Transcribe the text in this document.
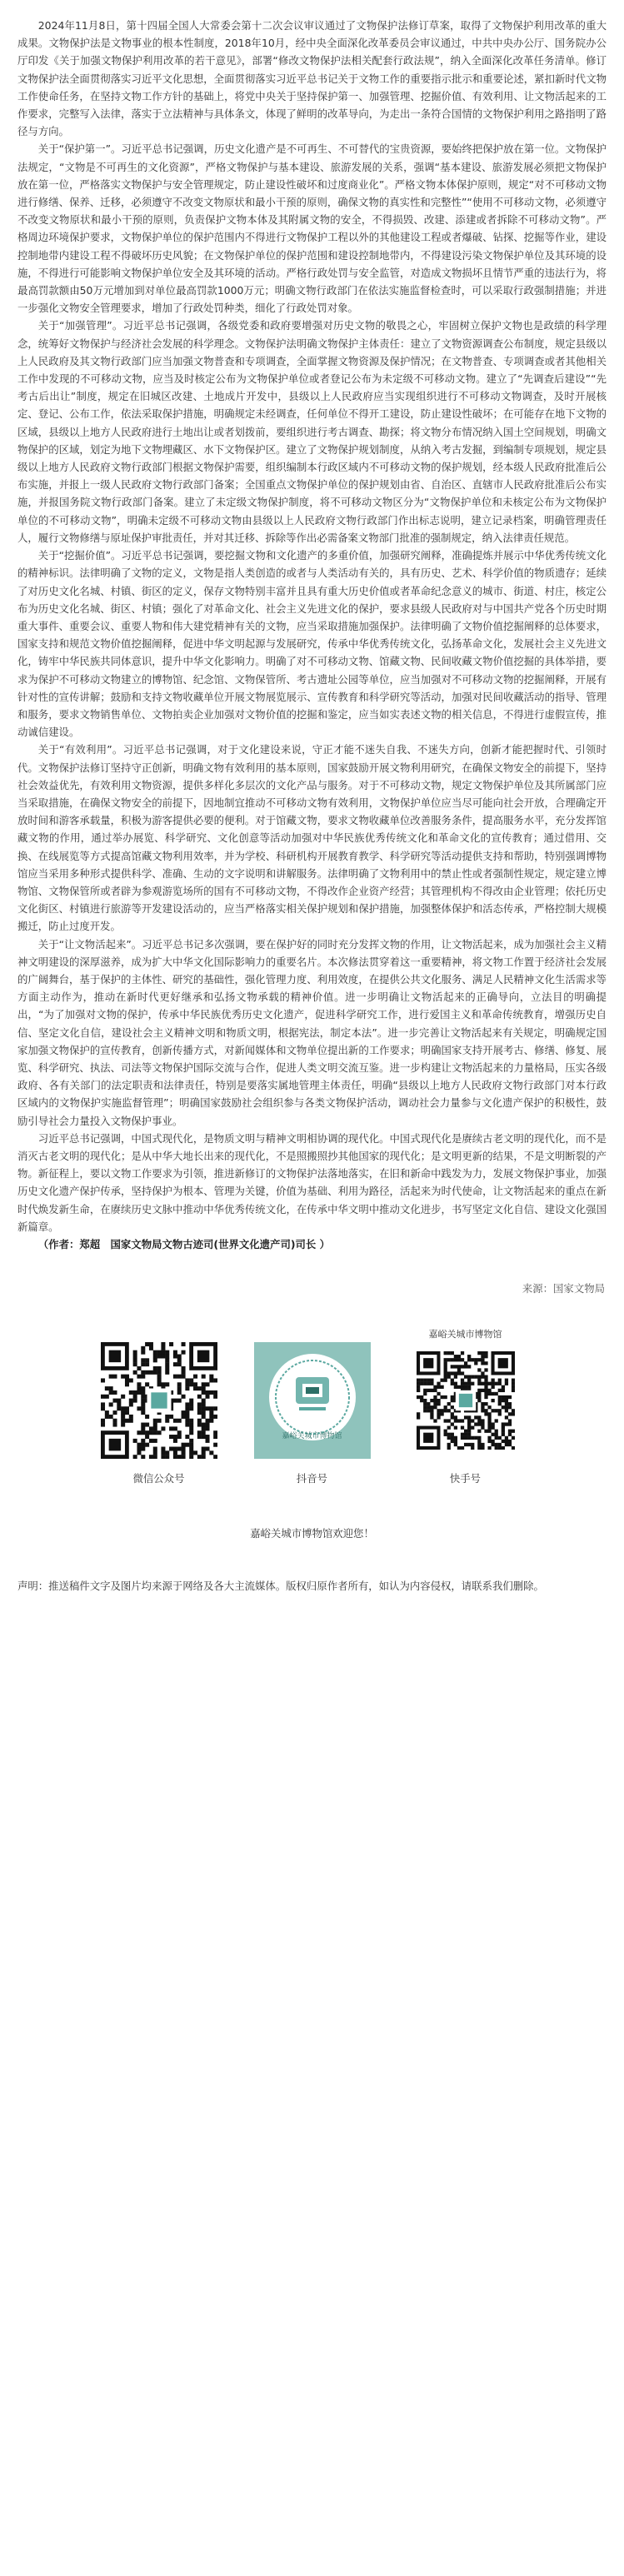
2024年11月8日，第十四届全国人大常委会第十二次会议审议通过了文物保护法修订草案，取得了文物保护利用改革的重大成果。文物保护法是文物事业的根本性制度，2018年10月，经中央全面深化改革委员会审议通过，中共中央办公厅、国务院办公厅印发《关于加强文物保护利用改革的若干意见》，部署“修改文物保护法相关配套行政法规”，纳入全面深化改革任务清单。修订文物保护法全面贯彻落实习近平文化思想，全面贯彻落实习近平总书记关于文物工作的重要指示批示和重要论述，紧扣新时代文物工作使命任务，在坚持文物工作方针的基础上，将党中央关于坚持保护第一、加强管理、挖掘价值、有效利用、让文物活起来的工作要求，完整写入法律，落实于立法精神与具体条文，体现了鲜明的改革导向，为走出一条符合国情的文物保护利用之路指明了路径与方向。

关于“保护第一”。习近平总书记强调，历史文化遗产是不可再生、不可替代的宝贵资源，要始终把保护放在第一位。文物保护法规定，“文物是不可再生的文化资源”，严格文物保护与基本建设、旅游发展的关系，强调“基本建设、旅游发展必须把文物保护放在第一位，严格落实文物保护与安全管理规定，防止建设性破坏和过度商业化”。严格文物本体保护原则，规定“对不可移动文物进行修缮、保养、迁移，必须遵守不改变文物原状和最小干预的原则，确保文物的真实性和完整性”“使用不可移动文物，必须遵守不改变文物原状和最小干预的原则，负责保护文物本体及其附属文物的安全，不得损毁、改建、添建或者拆除不可移动文物”。严格周边环境保护要求，文物保护单位的保护范围内不得进行文物保护工程以外的其他建设工程或者爆破、钻探、挖掘等作业，建设控制地带内建设工程不得破坏历史风貌；在文物保护单位的保护范围和建设控制地带内，不得建设污染文物保护单位及其环境的设施，不得进行可能影响文物保护单位安全及其环境的活动。严格行政处罚与安全监管，对造成文物损坏且情节严重的违法行为，将最高罚款额由50万元增加到对单位最高罚款1000万元；明确文物行政部门在依法实施监督检查时，可以采取行政强制措施；并进一步强化文物安全管理要求，增加了行政处罚种类，细化了行政处罚对象。

关于“加强管理”。习近平总书记强调，各级党委和政府要增强对历史文物的敬畏之心，牢固树立保护文物也是政绩的科学理念，统筹好文物保护与经济社会发展的科学理念。文物保护法明确文物保护主体责任：建立了文物资源调查公布制度，规定县级以上人民政府及其文物行政部门应当加强文物普查和专项调查，全面掌握文物资源及保护情况；在文物普查、专项调查或者其他相关工作中发现的不可移动文物，应当及时核定公布为文物保护单位或者登记公布为未定级不可移动文物。建立了“先调查后建设”“先考古后出让”制度，规定在旧城区改建、土地成片开发中，县级以上人民政府应当实现组织进行不可移动文物调查，及时开展核定、登记、公布工作，依法采取保护措施，明确规定未经调查，任何单位不得开工建设，防止建设性破坏；在可能存在地下文物的区域，县级以上地方人民政府进行土地出让或者划拨前，要组织进行考古调查、勘探；将文物分布情况纳入国土空间规划，明确文物保护的区域，划定为地下文物埋藏区、水下文物保护区。建立了文物保护规划制度，从纳入考古发掘，到编制专项规划，规定县级以上地方人民政府文物行政部门根据文物保护需要，组织编制本行政区域内不可移动文物的保护规划，经本级人民政府批准后公布实施，并报上一级人民政府文物行政部门备案；全国重点文物保护单位的保护规划由省、自治区、直辖市人民政府批准后公布实施，并报国务院文物行政部门备案。建立了未定级文物保护制度，将不可移动文物区分为“文物保护单位和未核定公布为文物保护单位的不可移动文物”，明确未定级不可移动文物由县级以上人民政府文物行政部门作出标志说明，建立记录档案，明确管理责任人，履行文物修缮与原址保护审批责任，并对其迁移、拆除等作出必需备案文物部门批准的强制规定，纳入法律责任规范。

关于“挖掘价值”。习近平总书记强调，要挖掘文物和文化遗产的多重价值，加强研究阐释，准确提炼并展示中华优秀传统文化的精神标识。法律明确了文物的定义，文物是指人类创造的或者与人类活动有关的，具有历史、艺术、科学价值的物质遗存；延续了对历史文化名城、村镇、街区的定义，保存文物特别丰富并且具有重大历史价值或者革命纪念意义的城市、街道、村庄，核定公布为历史文化名城、街区、村镇；强化了对革命文化、社会主义先进文化的保护，要求县级人民政府对与中国共产党各个历史时期重大事件、重要会议、重要人物和伟大建党精神有关的文物，应当采取措施加强保护。法律明确了文物价值挖掘阐释的总体要求，国家支持和规范文物价值挖掘阐释，促进中华文明起源与发展研究，传承中华优秀传统文化，弘扬革命文化，发展社会主义先进文化，铸牢中华民族共同体意识，提升中华文化影响力。明确了对不可移动文物、馆藏文物、民间收藏文物价值挖掘的具体举措，要求为保护不可移动文物建立的博物馆、纪念馆、文物保管所、考古遗址公园等单位，应当加强对不可移动文物的挖掘阐释，开展有针对性的宣传讲解；鼓励和支持文物收藏单位开展文物展览展示、宣传教育和科学研究等活动，加强对民间收藏活动的指导、管理和服务，要求文物销售单位、文物拍卖企业加强对文物价值的挖掘和鉴定，应当如实表述文物的相关信息，不得进行虚假宣传，推动诚信建设。

关于“有效利用”。习近平总书记强调，对于文化建设来说，守正才能不迷失自我、不迷失方向，创新才能把握时代、引领时代。文物保护法修订坚持守正创新，明确文物有效利用的基本原则，国家鼓励开展文物利用研究，在确保文物安全的前提下，坚持社会效益优先，有效利用文物资源，提供多样化多层次的文化产品与服务。对于不可移动文物，规定文物保护单位及其所属部门应当采取措施，在确保文物安全的前提下，因地制宜推动不可移动文物有效利用，文物保护单位应当尽可能向社会开放，合理确定开放时间和游客承载量，积极为游客提供必要的便利。对于馆藏文物，要求文物收藏单位改善服务条件，提高服务水平，充分发挥馆藏文物的作用，通过举办展览、科学研究、文化创意等活动加强对中华民族优秀传统文化和革命文化的宣传教育；通过借用、交换、在线展览等方式提高馆藏文物利用效率，并为学校、科研机构开展教育教学、科学研究等活动提供支持和帮助，特别强调博物馆应当采用多种形式提供科学、准确、生动的文字说明和讲解服务。法律明确了文物利用中的禁止性或者强制性规定，规定建立博物馆、文物保管所或者辟为参观游览场所的国有不可移动文物，不得改作企业资产经营；其管理机构不得改由企业管理；依托历史文化街区、村镇进行旅游等开发建设活动的，应当严格落实相关保护规划和保护措施，加强整体保护和活态传承，严格控制大规模搬迁，防止过度开发。

关于“让文物活起来”。习近平总书记多次强调，要在保护好的同时充分发挥文物的作用，让文物活起来，成为加强社会主义精神文明建设的深厚滋养，成为扩大中华文化国际影响力的重要名片。本次修法贯穿着这一重要精神，将文物工作置于经济社会发展的广阔舞台，基于保护的主体性、研究的基础性，强化管理力度、利用效度，在提供公共文化服务、满足人民精神文化生活需求等方面主动作为，推动在新时代更好继承和弘扬文物承载的精神价值。进一步明确让文物活起来的正确导向，立法目的明确提出，“为了加强对文物的保护，传承中华民族优秀历史文化遗产，促进科学研究工作，进行爱国主义和革命传统教育，增强历史自信、坚定文化自信，建设社会主义精神文明和物质文明，根据宪法，制定本法”。进一步完善让文物活起来有关规定，明确规定国家加强文物保护的宣传教育，创新传播方式，对新闻媒体和文物单位提出新的工作要求；明确国家支持开展考古、修缮、修复、展览、科学研究、执法、司法等文物保护国际交流与合作，促进人类文明交流互鉴。进一步构建让文物活起来的力量格局，压实各级政府、各有关部门的法定职责和法律责任，特别是要落实属地管理主体责任，明确“县级以上地方人民政府文物行政部门对本行政区域内的文物保护实施监督管理”；明确国家鼓励社会组织参与各类文物保护活动，调动社会力量参与文化遗产保护的积极性，鼓励引导社会力量投入文物保护事业。

习近平总书记强调，中国式现代化，是物质文明与精神文明相协调的现代化。中国式现代化是赓续古老文明的现代化，而不是消灭古老文明的现代化；是从中华大地长出来的现代化，不是照搬照抄其他国家的现代化；是文明更新的结果，不是文明断裂的产物。新征程上，要以文物工作要求为引领，推进新修订的文物保护法落地落实，在旧和新命中践发为力，发展文物保护事业，加强历史文化遗产保护传承，坚持保护为根本、管理为关键，价值为基础、利用为路径，活起来为时代使命，让文物活起来的重点在新时代焕发新生命，在赓续历史文脉中推动中华优秀传统文化，在传承中华文明中推动文化进步，书写坚定文化自信、建设文化强国新篇章。

（作者：郑超　国家文物局文物古迹司(世界文化遗产司)司长 ）

来源：国家文物局
微信公众号
嘉峪关城市博物馆
抖音号
嘉峪关城市博物馆
快手号
嘉峪关城市博物馆欢迎您！
声明：推送稿件文字及图片均来源于网络及各大主流媒体。版权归原作者所有，如认为内容侵权，请联系我们删除。
